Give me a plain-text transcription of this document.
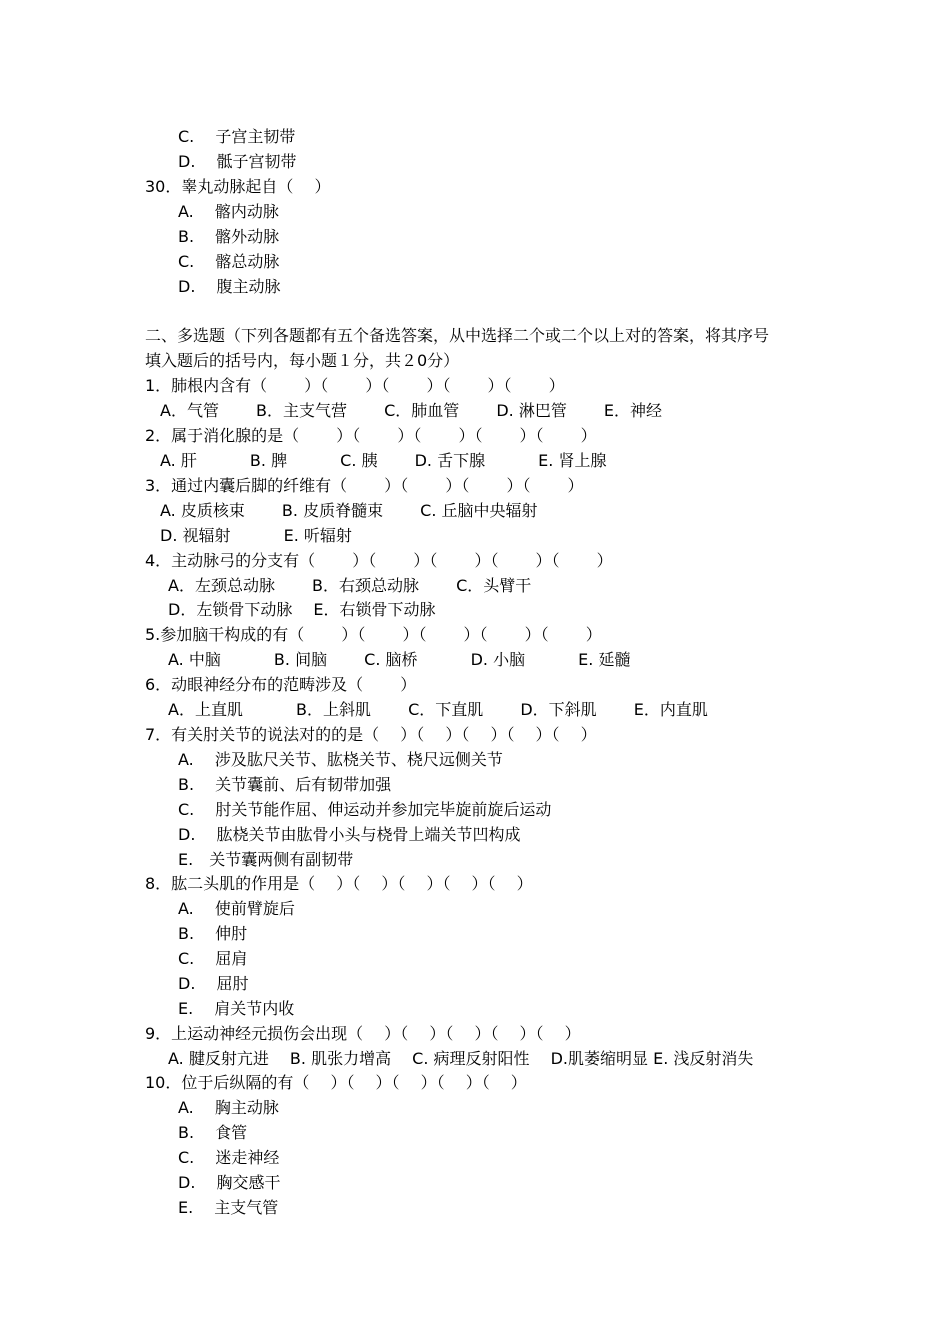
C.　 子宫主韧带
D.　 骶子宫韧带
30．睾丸动脉起自（　 ）
A.　 髂内动脉
B.　 髂外动脉
C.　 髂总动脉
D.　 腹主动脉
二、多选题（下列各题都有五个备选答案，从中选择二个或二个以上对的答案，将其序号
填入题后的括号内，每小题１分，共２0分）
1．肺根内含有（　　 ）（　　 ）（　　 ）（　　 ）（　　 ）
A．气管　　 B．主支气营　　 C．肺血管　　 D. 淋巴管　　 E．神经
2．属于消化腺的是（　　 ）（　　 ）（　　 ）（　　 ）（　　 ）
A. 肝　　　 B. 脾　　　 C. 胰　　 D. 舌下腺　　　 E. 肾上腺
3．通过内囊后脚的纤维有（　　 ）（　　 ）（　　 ）（　　 ）
A. 皮质核束　　 B. 皮质脊髓束　　 C. 丘脑中央辐射
D. 视辐射　　　 E. 听辐射
4．主动脉弓的分支有（　　 ）（　　 ）（　　 ）（　　 ）（　　 ）
A．左颈总动脉　　 B．右颈总动脉　　 C．头臂干
D．左锁骨下动脉　 E．右锁骨下动脉
5.参加脑干构成的有（　　 ）（　　 ）（　　 ）（　　 ）（　　 ）
A. 中脑　　　 B. 间脑　　 C. 脑桥　　　 D. 小脑　　　 E. 延髓
6．动眼神经分布的范畴涉及（　　 ）
A．上直肌　　　 B．上斜肌　　 C．下直肌　　 D．下斜肌　　 E．内直肌
7．有关肘关节的说法对的的是（　 ）（　 ）（　 ）（　 ）（　 ）
A.　 涉及肱尺关节、肱桡关节、桡尺远侧关节
B.　 关节囊前、后有韧带加强
C.　 肘关节能作屈、伸运动并参加完毕旋前旋后运动
D.　 肱桡关节由肱骨小头与桡骨上端关节凹构成
E.　关节囊两侧有副韧带
8．肱二头肌的作用是（　 ）（　 ）（　 ）（　 ）（　 ）
A.　 使前臂旋后
B.　 伸肘
C.　 屈肩
D.　 屈肘
E.　 肩关节内收
9．上运动神经元损伤会出现（　 ）（　 ）（　 ）（　 ）（　 ）
A. 腱反射亢进　 B. 肌张力增高　 C. 病理反射阳性　 D.肌萎缩明显 E. 浅反射消失
10．位于后纵隔的有（　 ）（　 ）（　 ）（　 ）（　 ）
A.　 胸主动脉
B.　 食管
C.　 迷走神经
D.　 胸交感干
E.　 主支气管
